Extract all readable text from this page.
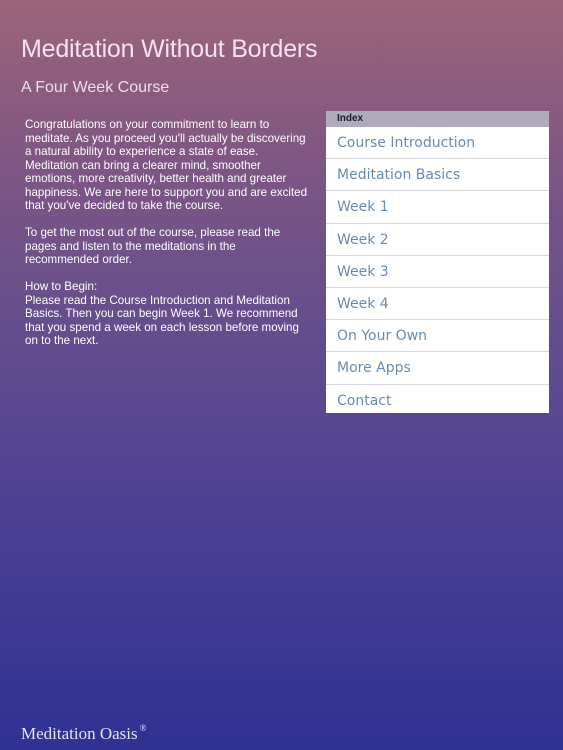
Meditation Without Borders
A Four Week Course

Congratulations on your commitment to learn to meditate. As you proceed you'll actually be discovering a natural ability to experience a state of ease. Meditation can bring a clearer mind, smoother emotions, more creativity, better health and greater happiness. We are here to support you and are excited that you've decided to take the course.

To get the most out of the course, please read the pages and listen to the meditations in the recommended order.

How to Begin:
Please read the Course Introduction and Meditation Basics. Then you can begin Week 1. We recommend that you spend a week on each lesson before moving on to the next.

Index
Course Introduction
Meditation Basics
Week 1
Week 2
Week 3
Week 4
On Your Own
More Apps
Contact
Meditation Oasis ®
